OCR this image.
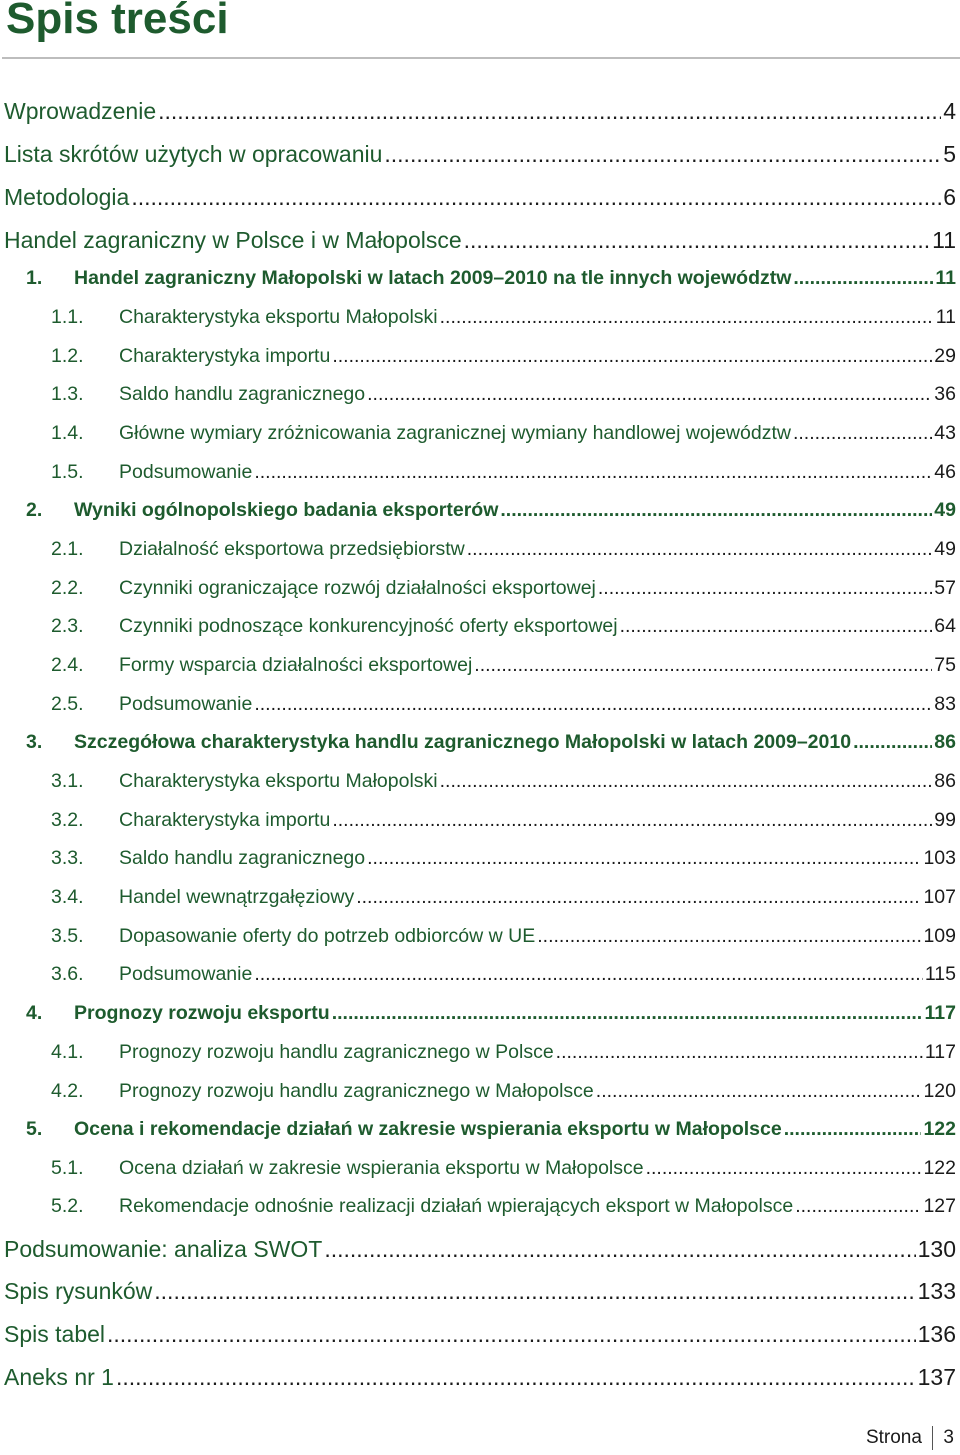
Spis treści
Wprowadzenie .....	4
Lista skrótów użytych w opracowaniu .....	5
Metodologia .....	6
Handel zagraniczny w Polsce i w Małopolsce .....	11
1.	Handel zagraniczny Małopolski w latach 2009–2010 na tle innych województw .....	11
1.1.	Charakterystyka eksportu Małopolski .....	11
1.2.	Charakterystyka importu .....	29
1.3.	Saldo handlu zagranicznego .....	36
1.4.	Główne wymiary zróżnicowania zagranicznej wymiany handlowej województw .....	43
1.5.	Podsumowanie .....	46
2.	Wyniki ogólnopolskiego badania eksporterów .....	49
2.1.	Działalność eksportowa przedsiębiorstw .....	49
2.2.	Czynniki ograniczające rozwój działalności eksportowej .....	57
2.3.	Czynniki podnoszące konkurencyjność oferty eksportowej .....	64
2.4.	Formy wsparcia działalności eksportowej .....	75
2.5.	Podsumowanie .....	83
3.	Szczegółowa charakterystyka handlu zagranicznego Małopolski w latach 2009–2010 .....	86
3.1.	Charakterystyka eksportu Małopolski .....	86
3.2.	Charakterystyka importu .....	99
3.3.	Saldo handlu zagranicznego .....	103
3.4.	Handel wewnątrzgałęziowy .....	107
3.5.	Dopasowanie oferty do potrzeb odbiorców w UE .....	109
3.6.	Podsumowanie .....	115
4.	Prognozy rozwoju eksportu .....	117
4.1.	Prognozy rozwoju handlu zagranicznego w Polsce .....	117
4.2.	Prognozy rozwoju handlu zagranicznego w Małopolsce .....	120
5.	Ocena i rekomendacje działań w zakresie wspierania eksportu w Małopolsce .....	122
5.1.	Ocena działań w zakresie wspierania eksportu w Małopolsce .....	122
5.2.	Rekomendacje odnośnie realizacji działań wpierających eksport w Małopolsce .....	127
Podsumowanie: analiza SWOT .....	130
Spis rysunków .....	133
Spis tabel .....	136
Aneks nr 1 .....	137
Strona 3
